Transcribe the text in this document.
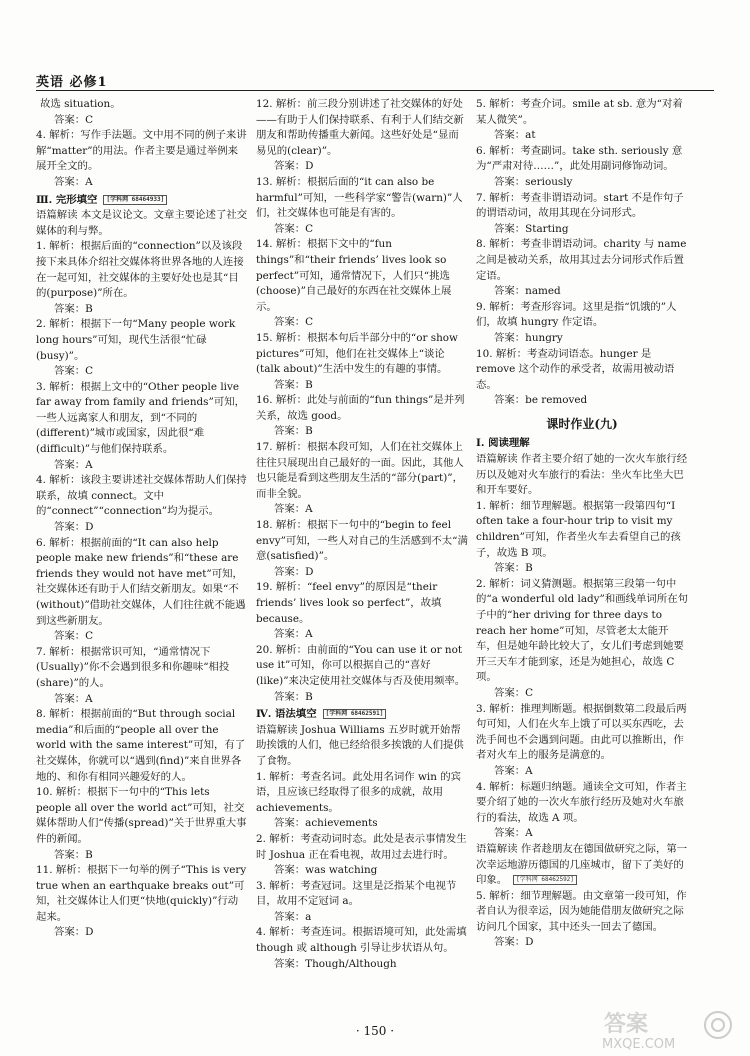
英语 必修1

故选 situation。

答案：C

4. 解析：写作手法题。文中用不同的例子来讲解“matter”的用法。作者主要是通过举例来展开全文的。

答案：A

Ⅲ. 完形填空 [学科网 68464933]

语篇解读 本文是议论文。文章主要论述了社交媒体的利与弊。

1. 解析：根据后面的“connection”以及该段接下来具体介绍社交媒体将世界各地的人连接在一起可知，社交媒体的主要好处也是其“目的(purpose)”所在。

答案：B

2. 解析：根据下一句“Many people work long hours”可知，现代生活很“忙碌(busy)”。

答案：C

3. 解析：根据上文中的“Other people live far away from family and friends”可知，一些人远离家人和朋友，到“不同的(different)”城市或国家，因此很“难(difficult)”与他们保持联系。

答案：A

4. 解析：该段主要讲述社交媒体帮助人们保持联系，故填 connect。文中的“connect”“connection”均为提示。

答案：D

6. 解析：根据前面的“It can also help people make new friends”和“these are friends they would not have met”可知，社交媒体还有助于人们结交新朋友。如果“不(without)”借助社交媒体，人们往往就不能遇到这些新朋友。

答案：C

7. 解析：根据常识可知，“通常情况下(Usually)”你不会遇到很多和你趣味“相投(share)”的人。

答案：A

8. 解析：根据前面的“But through social media”和后面的“people all over the world with the same interest”可知，有了社交媒体，你就可以“遇到(find)”来自世界各地的、和你有相同兴趣爱好的人。

10. 解析：根据下一句中的“This lets people all over the world act”可知，社交媒体帮助人们“传播(spread)”关于世界重大事件的新闻。

答案：B

11. 解析：根据下一句举的例子“This is very true when an earthquake breaks out”可知，社交媒体让人们更“快地(quickly)”行动起来。

答案：D

12. 解析：前三段分别讲述了社交媒体的好处——有助于人们保持联系、有利于人们结交新朋友和帮助传播重大新闻。这些好处是“显而易见的(clear)”。

答案：D

13. 解析：根据后面的“it can also be harmful”可知，一些科学家“警告(warn)”人们，社交媒体也可能是有害的。

答案：C

14. 解析：根据下文中的“fun things”和“their friends’ lives look so perfect”可知，通常情况下，人们只“挑选(choose)”自己最好的东西在社交媒体上展示。

答案：C

15. 解析：根据本句后半部分中的“or show pictures”可知，他们在社交媒体上“谈论(talk about)”生活中发生的有趣的事情。

答案：B

16. 解析：此处与前面的“fun things”是并列关系，故选 good。

答案：B

17. 解析：根据本段可知，人们在社交媒体上往往只展现出自己最好的一面。因此，其他人也只能是看到这些朋友生活的“部分(part)”，而非全貌。

答案：A

18. 解析：根据下一句中的“begin to feel envy”可知，一些人对自己的生活感到不太“满意(satisfied)”。

答案：D

19. 解析：“feel envy”的原因是“their friends’ lives look so perfect”，故填 because。

答案：A

20. 解析：由前面的“You can use it or not use it”可知，你可以根据自己的“喜好(like)”来决定使用社交媒体与否及使用频率。

答案：B

Ⅳ. 语法填空 [学科网 68462591]

语篇解读 Joshua Williams 五岁时就开始帮助挨饿的人们，他已经给很多挨饿的人们提供了食物。

1. 解析：考查名词。此处用名词作 win 的宾语，且应该已经取得了很多的成就，故用 achievements。

答案：achievements

2. 解析：考查动词时态。此处是表示事情发生时 Joshua 正在看电视，故用过去进行时。

答案：was watching

3. 解析：考查冠词。这里是泛指某个电视节目，故用不定冠词 a。

答案：a

4. 解析：考查连词。根据语境可知，此处需填 though 或 although 引导让步状语从句。

答案：Though/Although

5. 解析：考查介词。smile at sb. 意为“对着某人微笑”。

答案：at

6. 解析：考查副词。take sth. seriously 意为“严肃对待……”，此处用副词修饰动词。

答案：seriously

7. 解析：考查非谓语动词。start 不是作句子的谓语动词，故用其现在分词形式。

答案：Starting

8. 解析：考查非谓语动词。charity 与 name 之间是被动关系，故用其过去分词形式作后置定语。

答案：named

9. 解析：考查形容词。这里是指“饥饿的”人们，故填 hungry 作定语。

答案：hungry

10. 解析：考查动词语态。hunger 是 remove 这个动作的承受者，故需用被动语态。

答案：be removed

课时作业(九)

Ⅰ. 阅读理解

语篇解读 作者主要介绍了她的一次火车旅行经历以及她对火车旅行的看法：坐火车比坐大巴和开车要好。

1. 解析：细节理解题。根据第一段第四句“I often take a four-hour trip to visit my children”可知，作者坐火车去看望自己的孩子，故选 B 项。

答案：B

2. 解析：词义猜测题。根据第三段第一句中的“a wonderful old lady”和画线单词所在句子中的“her driving for three days to reach her home”可知，尽管老太太能开车，但是她年龄比较大了，女儿们考虑到她要开三天车才能到家，还是为她担心，故选 C 项。

答案：C

3. 解析：推理判断题。根据倒数第二段最后两句可知，人们在火车上饿了可以买东西吃，去洗手间也不会遇到问题。由此可以推断出，作者对火车上的服务是满意的。

答案：A

4. 解析：标题归纳题。通读全文可知，作者主要介绍了她的一次火车旅行经历及她对火车旅行的看法，故选 A 项。

答案：A

语篇解读 作者趁朋友在德国做研究之际，第一次幸运地游历德国的几座城市，留下了美好的印象。 [学科网 68462592]

5. 解析：细节理解题。由文章第一段可知，作者自认为很幸运，因为她能借朋友做研究之际访问几个国家，其中还头一回去了德国。

答案：D

· 150 ·	答案
MXQE.COM
